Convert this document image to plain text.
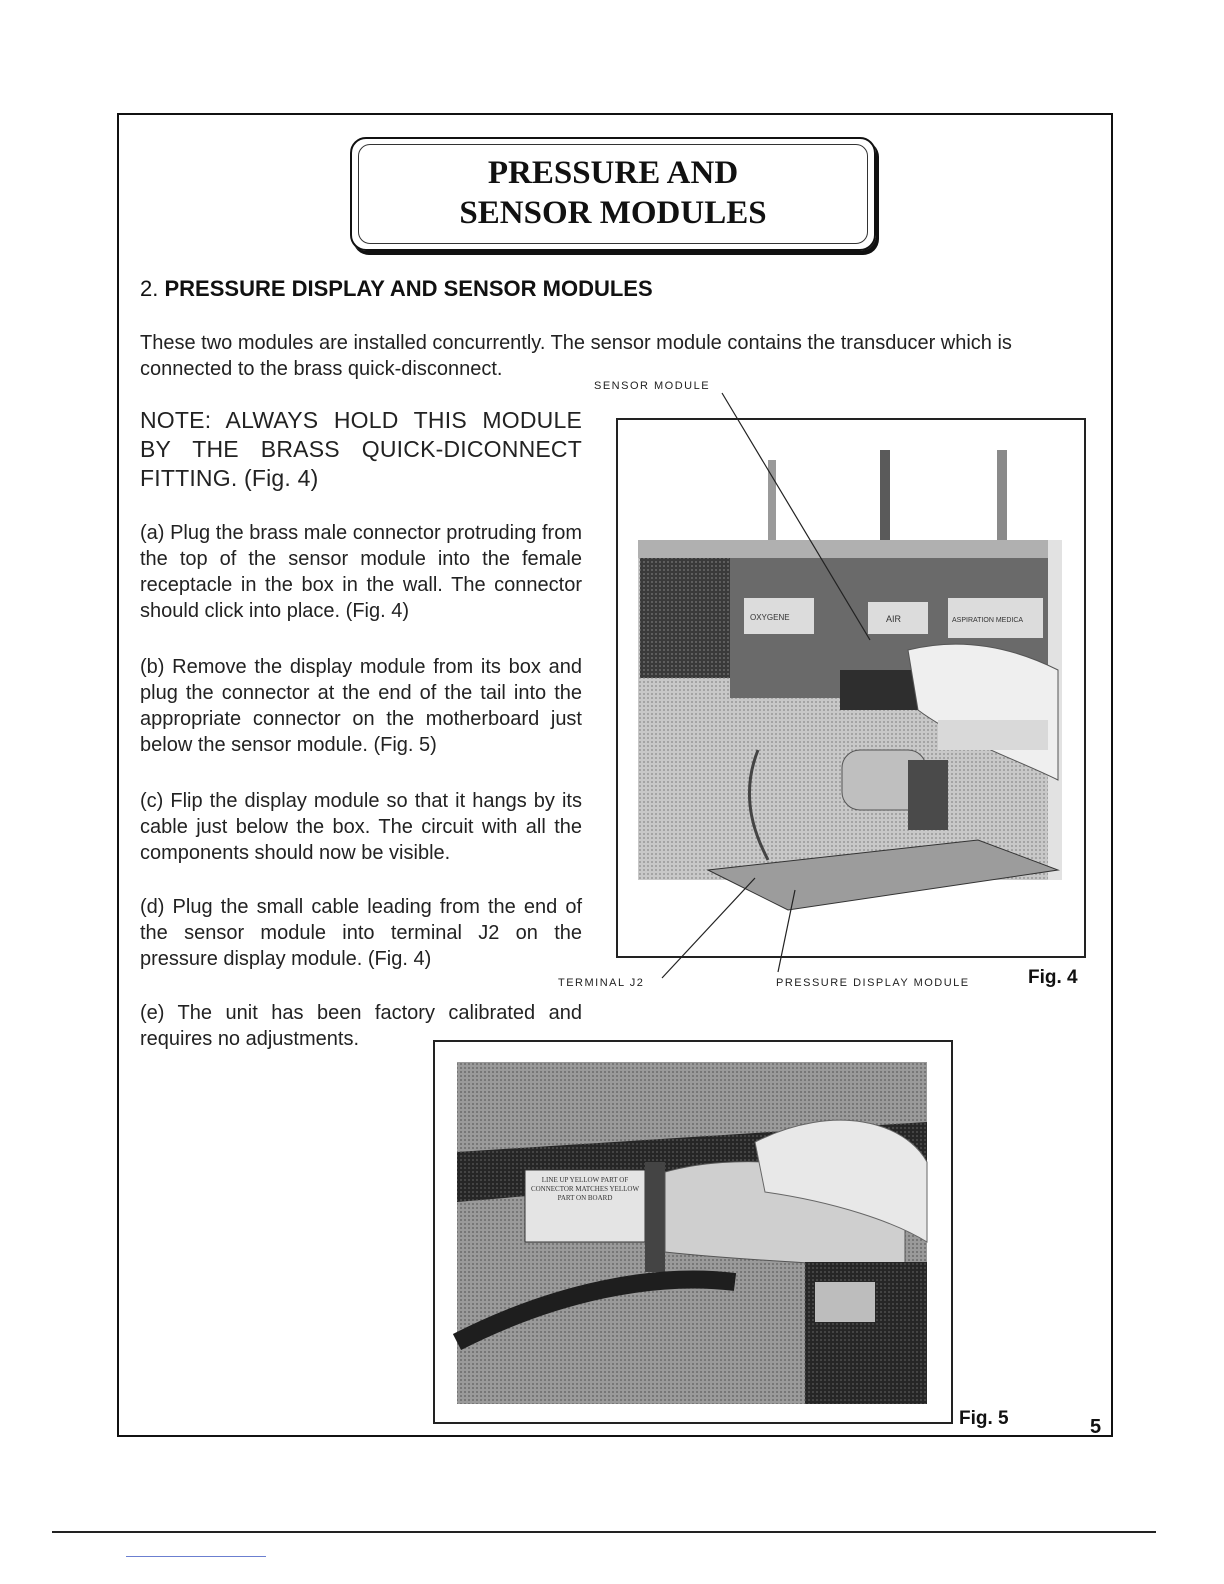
PRESSURE AND
SENSOR MODULES
2. PRESSURE DISPLAY AND SENSOR MODULES
These two modules are installed concurrently. The sensor module contains the transducer which is connected to the brass quick-disconnect.
NOTE: ALWAYS HOLD THIS MODULE BY THE BRASS QUICK-DICONNECT FITTING. (Fig. 4)
(a) Plug the brass male connector protruding from the top of the sensor module into the female receptacle in the box in the wall. The connector should click into place. (Fig. 4)
(b) Remove the display module from its box and plug the connector at the end of the tail into the appropriate connector on the motherboard just below the sensor module. (Fig. 5)
(c) Flip the display module so that it hangs by its cable just below the box. The circuit with all the components should now be visible.
(d) Plug the small cable leading from the end of the sensor module into terminal J2 on the pressure display module. (Fig. 4)
(e) The unit has been factory calibrated and requires no adjustments.
SENSOR MODULE
OXYGENE	AIR	ASPIRATION MEDICA
TERMINAL J2	PRESSURE DISPLAY MODULE	Fig. 4
LINE UP YELLOW PART OF CONNECTOR MATCHES YELLOW PART ON BOARD
Fig. 5	5
